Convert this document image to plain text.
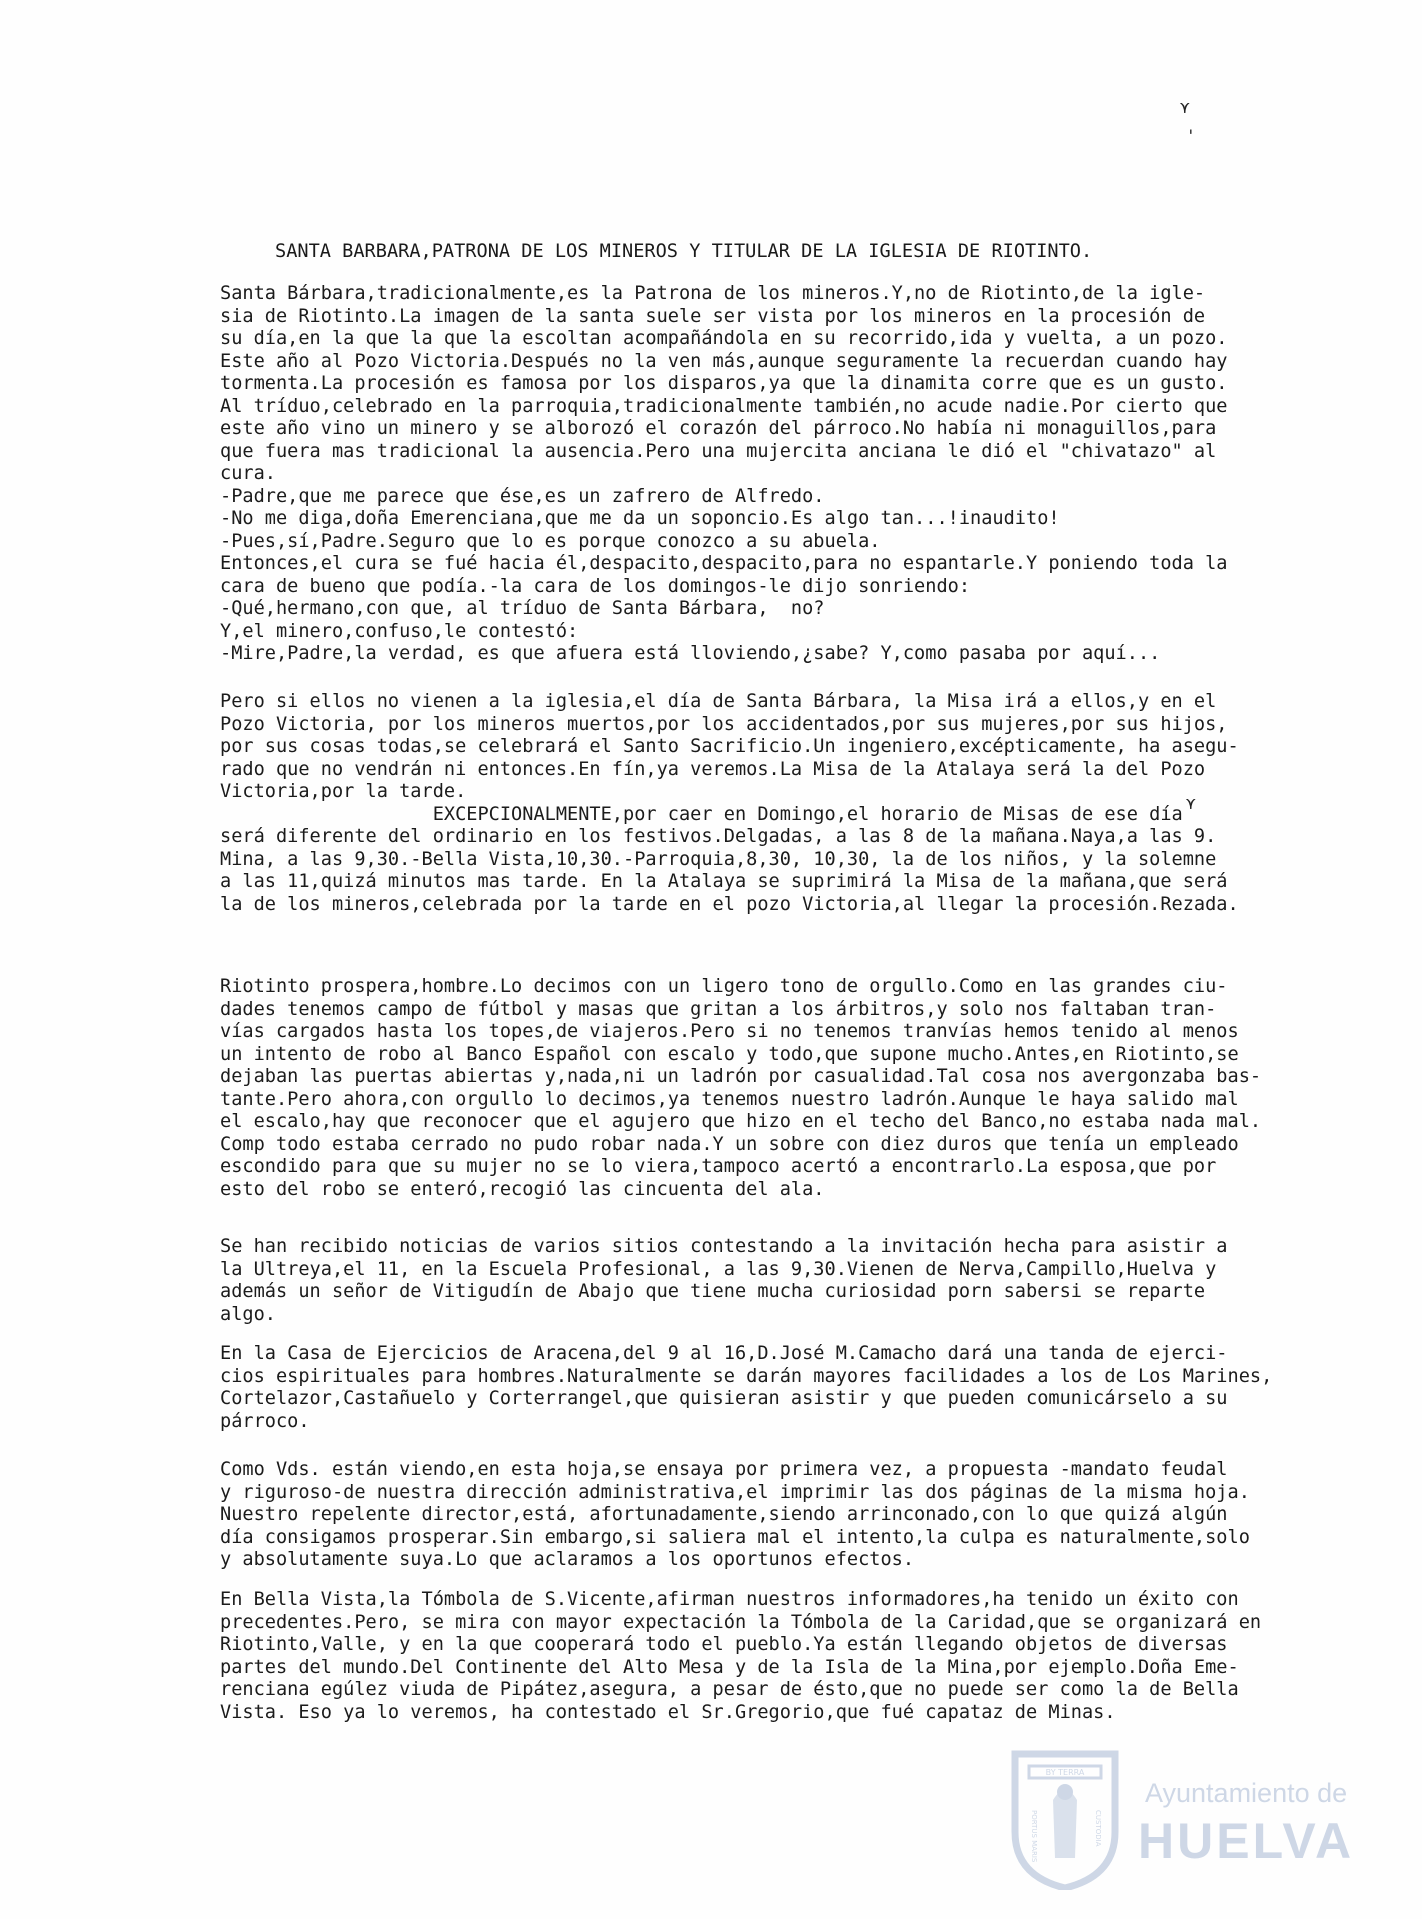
⋎
'
⋎
SANTA BARBARA,PATRONA DE LOS MINEROS Y TITULAR DE LA IGLESIA DE RIOTINTO.
Santa Bárbara,tradicionalmente,es la Patrona de los mineros.Y,no de Riotinto,de la igle-
sia de Riotinto.La imagen de la santa suele ser vista por los mineros en la procesión de
su día,en la que la que la escoltan acompañándola en su recorrido,ida y vuelta, a un pozo.
Este año al Pozo Victoria.Después no la ven más,aunque seguramente la recuerdan cuando hay
tormenta.La procesión es famosa por los disparos,ya que la dinamita corre que es un gusto.
Al tríduo,celebrado en la parroquia,tradicionalmente también,no acude nadie.Por cierto que
este año vino un minero y se alborozó el corazón del párroco.No había ni monaguillos,para
que fuera mas tradicional la ausencia.Pero una mujercita anciana le dió el "chivatazo" al
cura.
-Padre,que me parece que ése,es un zafrero de Alfredo.
-No me diga,doña Emerenciana,que me da un soponcio.Es algo tan...!inaudito!
-Pues,sí,Padre.Seguro que lo es porque conozco a su abuela.
Entonces,el cura se fué hacia él,despacito,despacito,para no espantarle.Y poniendo toda la
cara de bueno que podía.-la cara de los domingos-le dijo sonriendo:
-Qué,hermano,con que, al tríduo de Santa Bárbara,  no?
Y,el minero,confuso,le contestó:
-Mire,Padre,la verdad, es que afuera está lloviendo,¿sabe? Y,como pasaba por aquí...
Pero si ellos no vienen a la iglesia,el día de Santa Bárbara, la Misa irá a ellos,y en el
Pozo Victoria, por los mineros muertos,por los accidentados,por sus mujeres,por sus hijos,
por sus cosas todas,se celebrará el Santo Sacrificio.Un ingeniero,excépticamente, ha asegu-
rado que no vendrán ni entonces.En fín,ya veremos.La Misa de la Atalaya será la del Pozo
Victoria,por la tarde.
EXCEPCIONALMENTE,por caer en Domingo,el horario de Misas de ese día
será diferente del ordinario en los festivos.Delgadas, a las 8 de la mañana.Naya,a las 9.
Mina, a las 9,30.-Bella Vista,10,30.-Parroquia,8,30, 10,30, la de los niños, y la solemne
a las 11,quizá minutos mas tarde. En la Atalaya se suprimirá la Misa de la mañana,que será
la de los mineros,celebrada por la tarde en el pozo Victoria,al llegar la procesión.Rezada.
Riotinto prospera,hombre.Lo decimos con un ligero tono de orgullo.Como en las grandes ciu-
dades tenemos campo de fútbol y masas que gritan a los árbitros,y solo nos faltaban tran-
vías cargados hasta los topes,de viajeros.Pero si no tenemos tranvías hemos tenido al menos
un intento de robo al Banco Español con escalo y todo,que supone mucho.Antes,en Riotinto,se
dejaban las puertas abiertas y,nada,ni un ladrón por casualidad.Tal cosa nos avergonzaba bas-
tante.Pero ahora,con orgullo lo decimos,ya tenemos nuestro ladrón.Aunque le haya salido mal
el escalo,hay que reconocer que el agujero que hizo en el techo del Banco,no estaba nada mal.
Comp todo estaba cerrado no pudo robar nada.Y un sobre con diez duros que tenía un empleado
escondido para que su mujer no se lo viera,tampoco acertó a encontrarlo.La esposa,que por
esto del robo se enteró,recogió las cincuenta del ala.
Se han recibido noticias de varios sitios contestando a la invitación hecha para asistir a
la Ultreya,el 11, en la Escuela Profesional, a las 9,30.Vienen de Nerva,Campillo,Huelva y
además un señor de Vitigudín de Abajo que tiene mucha curiosidad porn sabersi se reparte
algo.
En la Casa de Ejercicios de Aracena,del 9 al 16,D.José M.Camacho dará una tanda de ejerci-
cios espirituales para hombres.Naturalmente se darán mayores facilidades a los de Los Marines,
Cortelazor,Castañuelo y Corterrangel,que quisieran asistir y que pueden comunicárselo a su
párroco.
Como Vds. están viendo,en esta hoja,se ensaya por primera vez, a propuesta -mandato feudal
y riguroso-de nuestra dirección administrativa,el imprimir las dos páginas de la misma hoja.
Nuestro repelente director,está, afortunadamente,siendo arrinconado,con lo que quizá algún
día consigamos prosperar.Sin embargo,si saliera mal el intento,la culpa es naturalmente,solo
y absolutamente suya.Lo que aclaramos a los oportunos efectos.
En Bella Vista,la Tómbola de S.Vicente,afirman nuestros informadores,ha tenido un éxito con
precedentes.Pero, se mira con mayor expectación la Tómbola de la Caridad,que se organizará en
Riotinto,Valle, y en la que cooperará todo el pueblo.Ya están llegando objetos de diversas
partes del mundo.Del Continente del Alto Mesa y de la Isla de la Mina,por ejemplo.Doña Eme-
renciana egúlez viuda de Pipátez,asegura, a pesar de ésto,que no puede ser como la de Bella
Vista. Eso ya lo veremos, ha contestado el Sr.Gregorio,que fué capataz de Minas.
BY TERRA
PORTUS MARIS	CUSTODIA
Ayuntamiento de
HUELVA
